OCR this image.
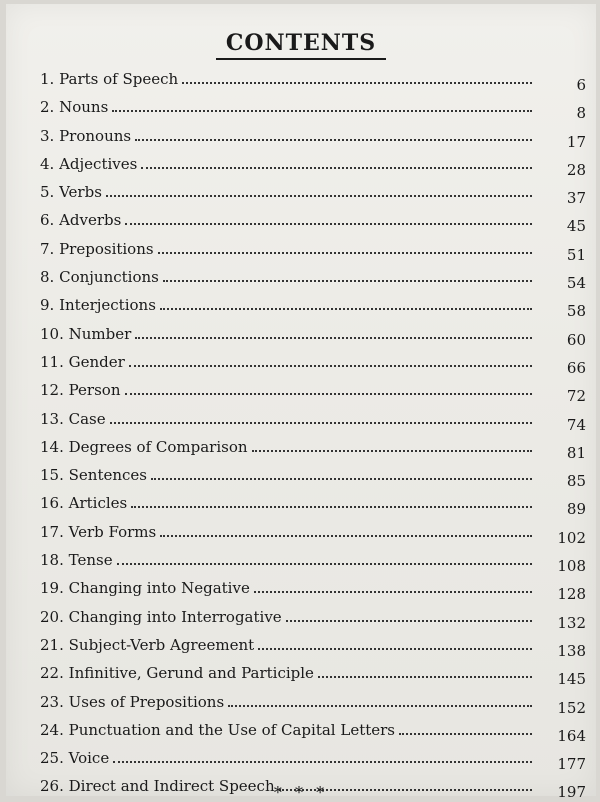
CONTENTS
1. Parts of Speech	6
2. Nouns	8
3. Pronouns	17
4. Adjectives	28
5. Verbs	37
6. Adverbs	45
7. Prepositions	51
8. Conjunctions	54
9. Interjections	58
10. Number	60
11. Gender	66
12. Person	72
13. Case	74
14. Degrees of Comparison	81
15. Sentences	85
16. Articles	89
17. Verb Forms	102
18. Tense	108
19. Changing into Negative	128
20. Changing into Interrogative	132
21. Subject-Verb Agreement	138
22. Infinitive, Gerund and Participle	145
23. Uses of Prepositions	152
24. Punctuation and the Use of Capital Letters	164
25. Voice	177
26. Direct and Indirect Speech	197
* * *
